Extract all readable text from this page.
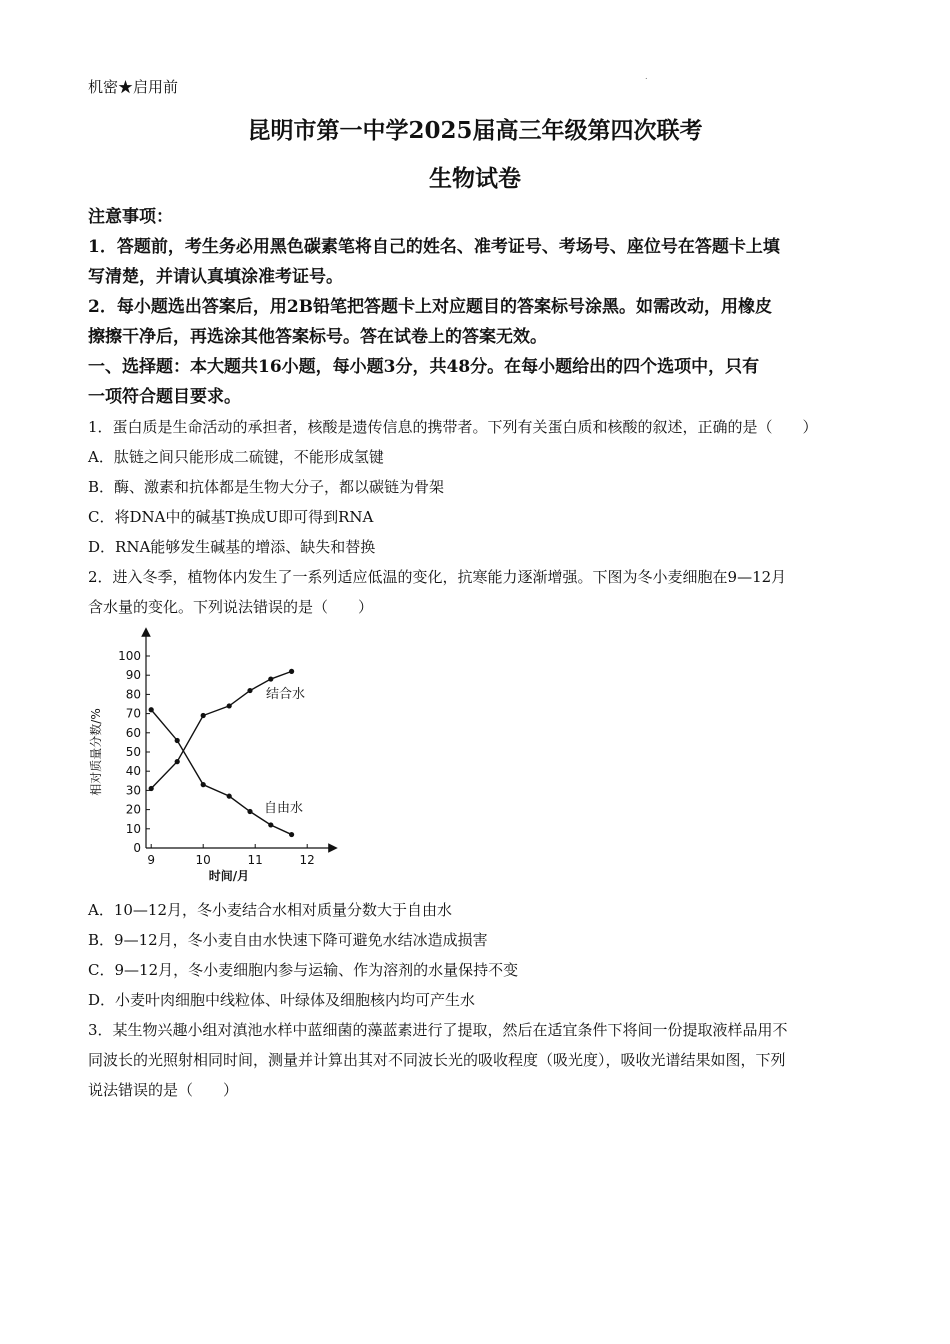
机密★启用前
.
昆明市第一中学2025届高三年级第四次联考
生物试卷
注意事项：
1．答题前，考生务必用黑色碳素笔将自己的姓名、准考证号、考场号、座位号在答题卡上填
写清楚，并请认真填涂准考证号。
2．每小题选出答案后，用2B铅笔把答题卡上对应题目的答案标号涂黑。如需改动，用橡皮
擦擦干净后，再选涂其他答案标号。答在试卷上的答案无效。
一、选择题：本大题共16小题，每小题3分，共48分。在每小题给出的四个选项中，只有
一项符合题目要求。
1．蛋白质是生命活动的承担者，核酸是遗传信息的携带者。下列有关蛋白质和核酸的叙述，正确的是（　　）
A．肽链之间只能形成二硫键，不能形成氢键
B．酶、激素和抗体都是生物大分子，都以碳链为骨架
C．将DNA中的碱基T换成U即可得到RNA
D．RNA能够发生碱基的增添、缺失和替换
2．进入冬季，植物体内发生了一系列适应低温的变化，抗寒能力逐渐增强。下图为冬小麦细胞在9—12月
含水量的变化。下列说法错误的是（　　）
0
10
20
30
40
50
60
70
80
90
100
9	10	11	12
时间/月
相对质量分数/%
结合水
自由水
A．10—12月，冬小麦结合水相对质量分数大于自由水
B．9—12月，冬小麦自由水快速下降可避免水结冰造成损害
C．9—12月，冬小麦细胞内参与运输、作为溶剂的水量保持不变
D．小麦叶肉细胞中线粒体、叶绿体及细胞核内均可产生水
3．某生物兴趣小组对滇池水样中蓝细菌的藻蓝素进行了提取，然后在适宜条件下将间一份提取液样品用不
同波长的光照射相同时间，测量并计算出其对不同波长光的吸收程度（吸光度），吸收光谱结果如图，下列
说法错误的是（　　）
